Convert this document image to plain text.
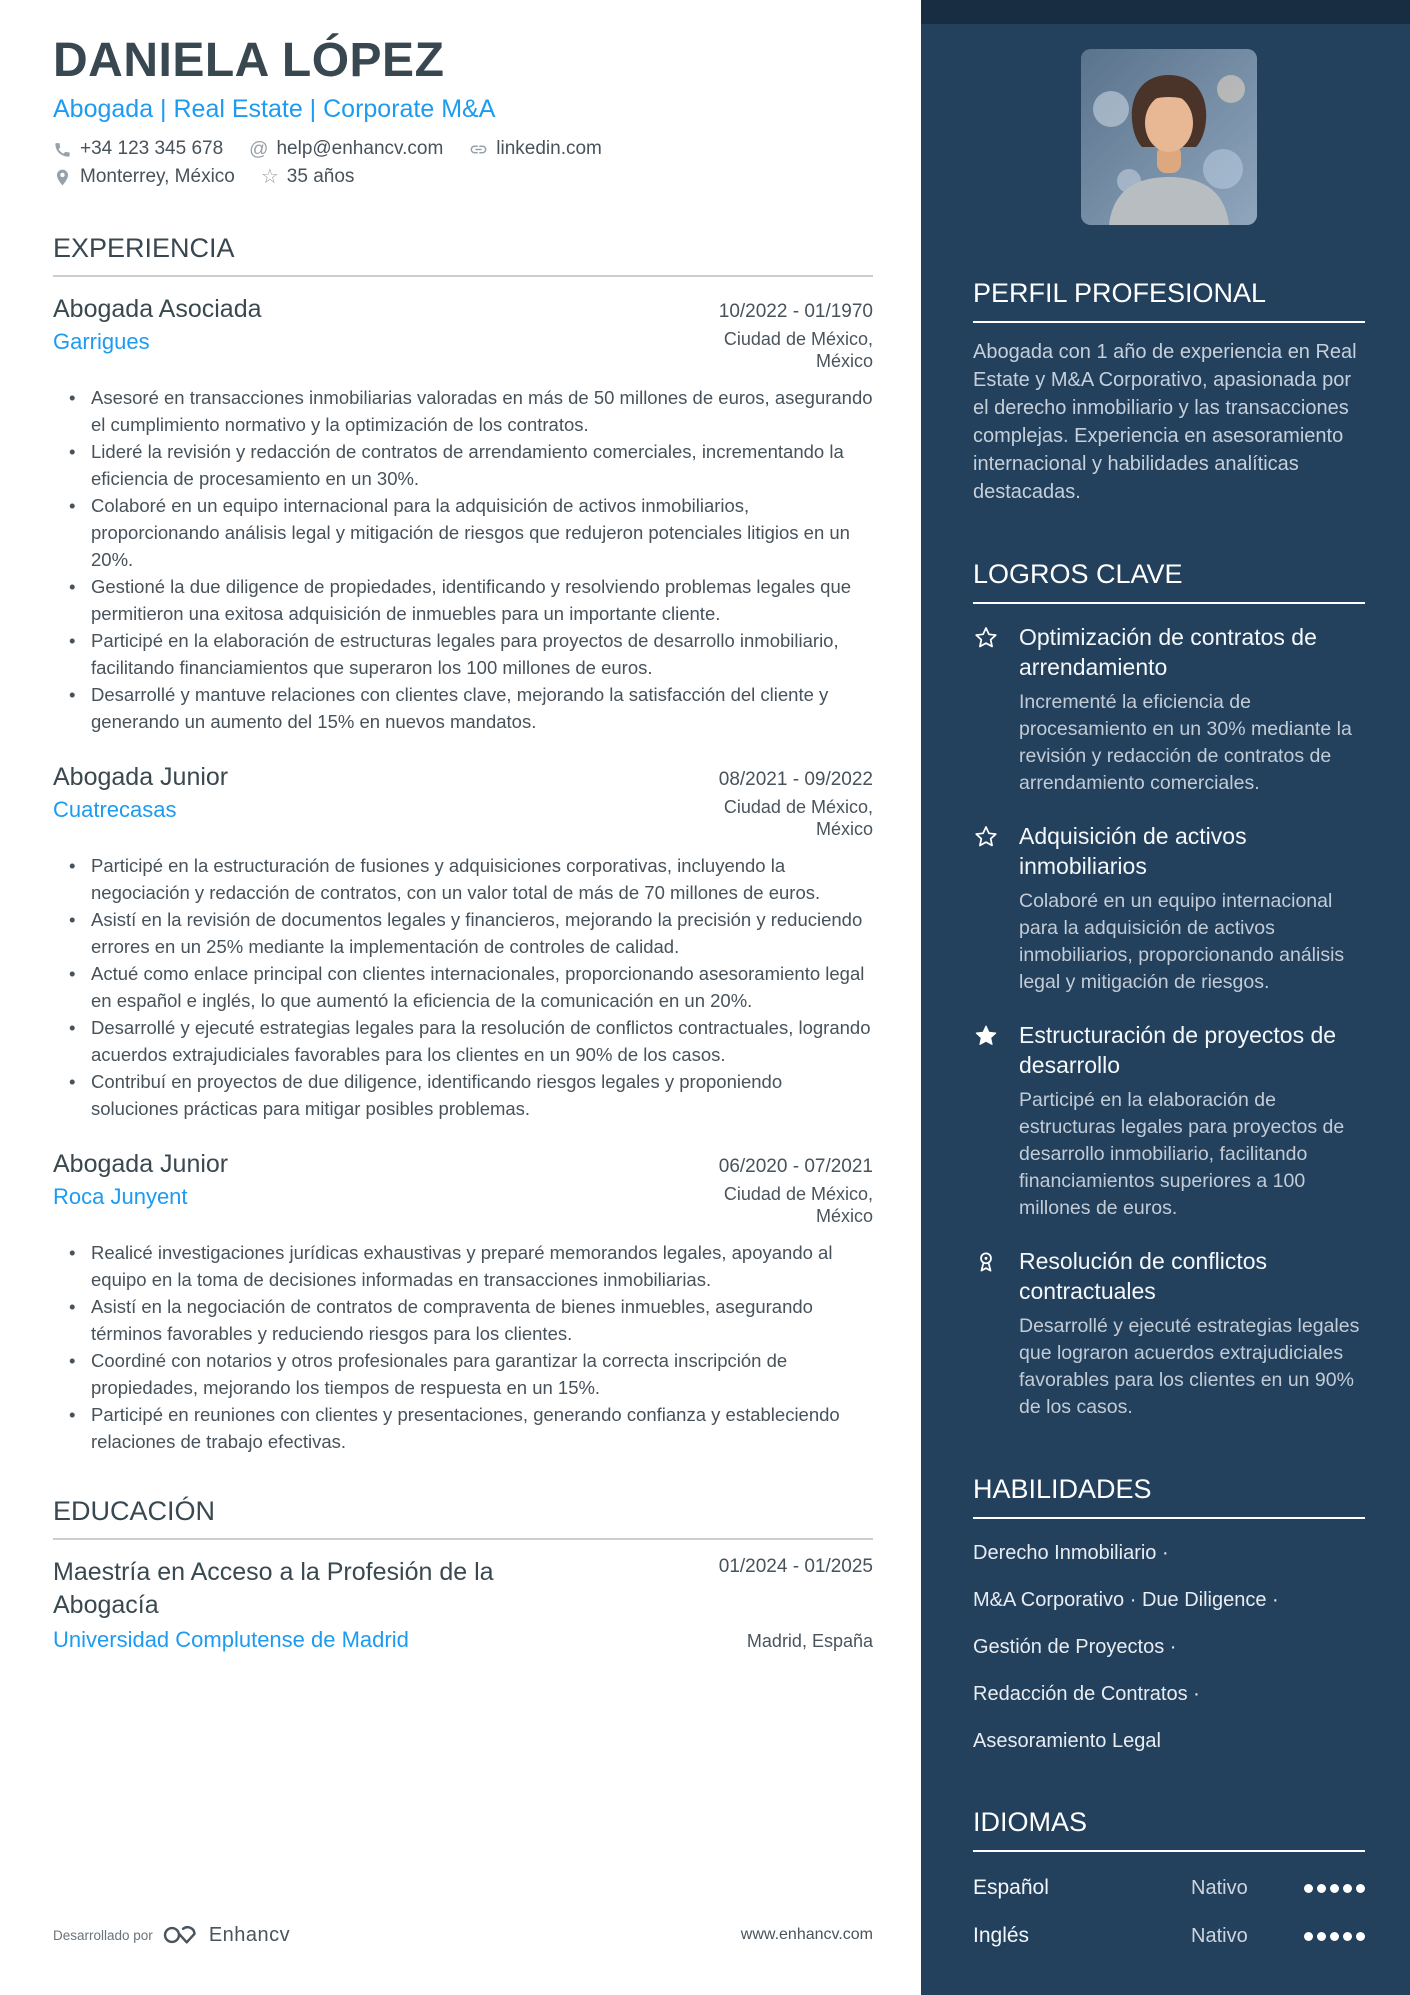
DANIELA LÓPEZ
Abogada | Real Estate | Corporate M&A
+34 123 345 678 @ help@enhancv.com	linkedin.com
Monterrey, México ☆ 35 años
EXPERIENCIA
Abogada Asociada	10/2022 - 01/1970
Garrigues	Ciudad de México, México
• Asesoré en transacciones inmobiliarias valoradas en más de 50 millones de euros, asegurando el cumplimiento normativo y la optimización de los contratos.
• Lideré la revisión y redacción de contratos de arrendamiento comerciales, incrementando la eficiencia de procesamiento en un 30%.
• Colaboré en un equipo internacional para la adquisición de activos inmobiliarios, proporcionando análisis legal y mitigación de riesgos que redujeron potenciales litigios en un 20%.
• Gestioné la due diligence de propiedades, identificando y resolviendo problemas legales que permitieron una exitosa adquisición de inmuebles para un importante cliente.
• Participé en la elaboración de estructuras legales para proyectos de desarrollo inmobiliario, facilitando financiamientos que superaron los 100 millones de euros.
• Desarrollé y mantuve relaciones con clientes clave, mejorando la satisfacción del cliente y generando un aumento del 15% en nuevos mandatos.
Abogada Junior	08/2021 - 09/2022
Cuatrecasas	Ciudad de México, México
• Participé en la estructuración de fusiones y adquisiciones corporativas, incluyendo la negociación y redacción de contratos, con un valor total de más de 70 millones de euros.
• Asistí en la revisión de documentos legales y financieros, mejorando la precisión y reduciendo errores en un 25% mediante la implementación de controles de calidad.
• Actué como enlace principal con clientes internacionales, proporcionando asesoramiento legal en español e inglés, lo que aumentó la eficiencia de la comunicación en un 20%.
• Desarrollé y ejecuté estrategias legales para la resolución de conflictos contractuales, logrando acuerdos extrajudiciales favorables para los clientes en un 90% de los casos.
• Contribuí en proyectos de due diligence, identificando riesgos legales y proponiendo soluciones prácticas para mitigar posibles problemas.
Abogada Junior	06/2020 - 07/2021
Roca Junyent	Ciudad de México, México
• Realicé investigaciones jurídicas exhaustivas y preparé memorandos legales, apoyando al equipo en la toma de decisiones informadas en transacciones inmobiliarias.
• Asistí en la negociación de contratos de compraventa de bienes inmuebles, asegurando términos favorables y reduciendo riesgos para los clientes.
• Coordiné con notarios y otros profesionales para garantizar la correcta inscripción de propiedades, mejorando los tiempos de respuesta en un 15%.
• Participé en reuniones con clientes y presentaciones, generando confianza y estableciendo relaciones de trabajo efectivas.
EDUCACIÓN
Maestría en Acceso a la Profesión de la Abogacía
01/2024 - 01/2025
Universidad Complutense de Madrid	Madrid, España
Desarrollado por	Enhancv	www.enhancv.com
PERFIL PROFESIONAL

Abogada con 1 año de experiencia en Real Estate y M&A Corporativo, apasionada por el derecho inmobiliario y las transacciones complejas. Experiencia en asesoramiento internacional y habilidades analíticas destacadas.

LOGROS CLAVE
Optimización de contratos de arrendamiento

Incrementé la eficiencia de procesamiento en un 30% mediante la revisión y redacción de contratos de arrendamiento comerciales.

Adquisición de activos inmobiliarios

Colaboré en un equipo internacional para la adquisición de activos inmobiliarios, proporcionando análisis legal y mitigación de riesgos.

Estructuración de proyectos de desarrollo

Participé en la elaboración de estructuras legales para proyectos de desarrollo inmobiliario, facilitando financiamientos superiores a 100 millones de euros.

Resolución de conflictos contractuales

Desarrollé y ejecuté estrategias legales que lograron acuerdos extrajudiciales favorables para los clientes en un 90% de los casos.

HABILIDADES
Derecho Inmobiliario ·
M&A Corporativo · Due Diligence ·
Gestión de Proyectos ·
Redacción de Contratos ·
Asesoramiento Legal
IDIOMAS
Español	Nativo
Inglés	Nativo
